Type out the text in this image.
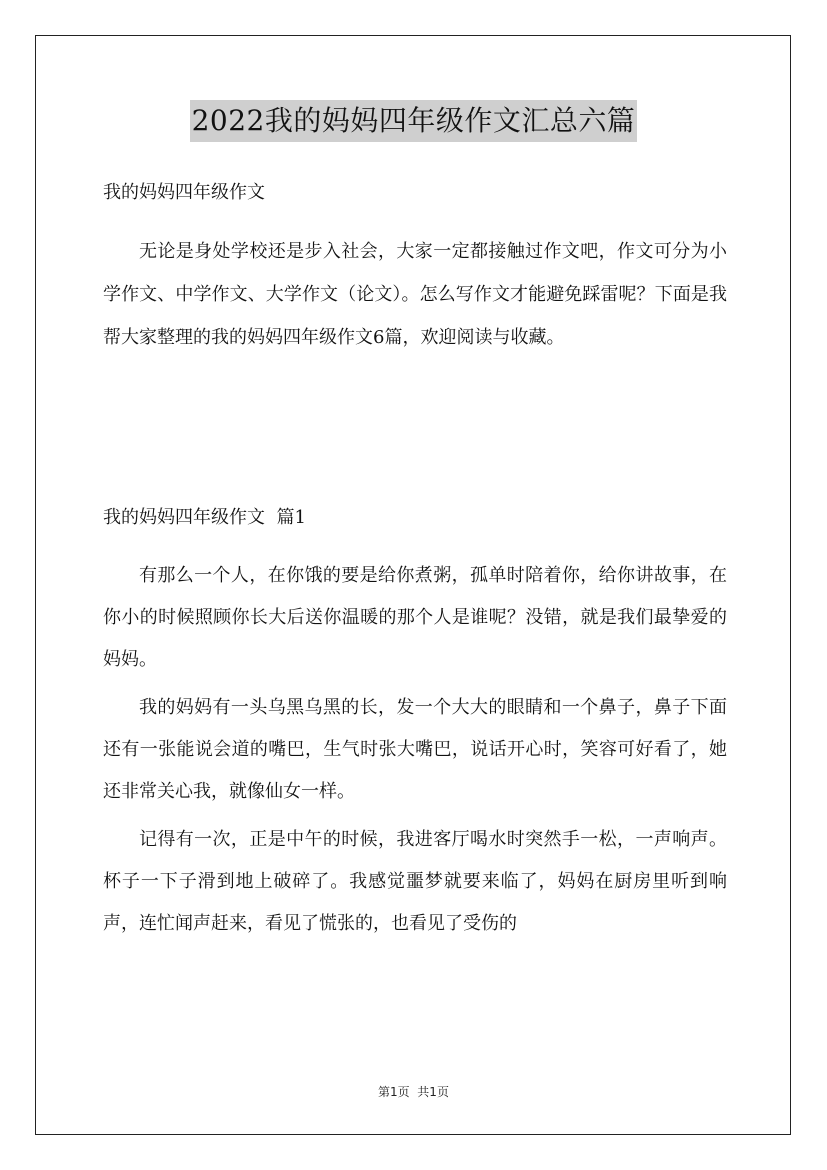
2022我的妈妈四年级作文汇总六篇

我的妈妈四年级作文

无论是身处学校还是步入社会，大家一定都接触过作文吧，作文可分为小学作文、中学作文、大学作文（论文）。怎么写作文才能避免踩雷呢？下面是我帮大家整理的我的妈妈四年级作文6篇，欢迎阅读与收藏。

我的妈妈四年级作文  篇1

有那么一个人，在你饿的要是给你煮粥，孤单时陪着你，给你讲故事，在你小的时候照顾你长大后送你温暖的那个人是谁呢？没错，就是我们最挚爱的妈妈。

我的妈妈有一头乌黑乌黑的长，发一个大大的眼睛和一个鼻子，鼻子下面还有一张能说会道的嘴巴，生气时张大嘴巴，说话开心时，笑容可好看了，她还非常关心我，就像仙女一样。

记得有一次，正是中午的时候，我进客厅喝水时突然手一松，一声响声。杯子一下子滑到地上破碎了。我感觉噩梦就要来临了，妈妈在厨房里听到响声，连忙闻声赶来，看见了慌张的，也看见了受伤的

第1页  共1页
